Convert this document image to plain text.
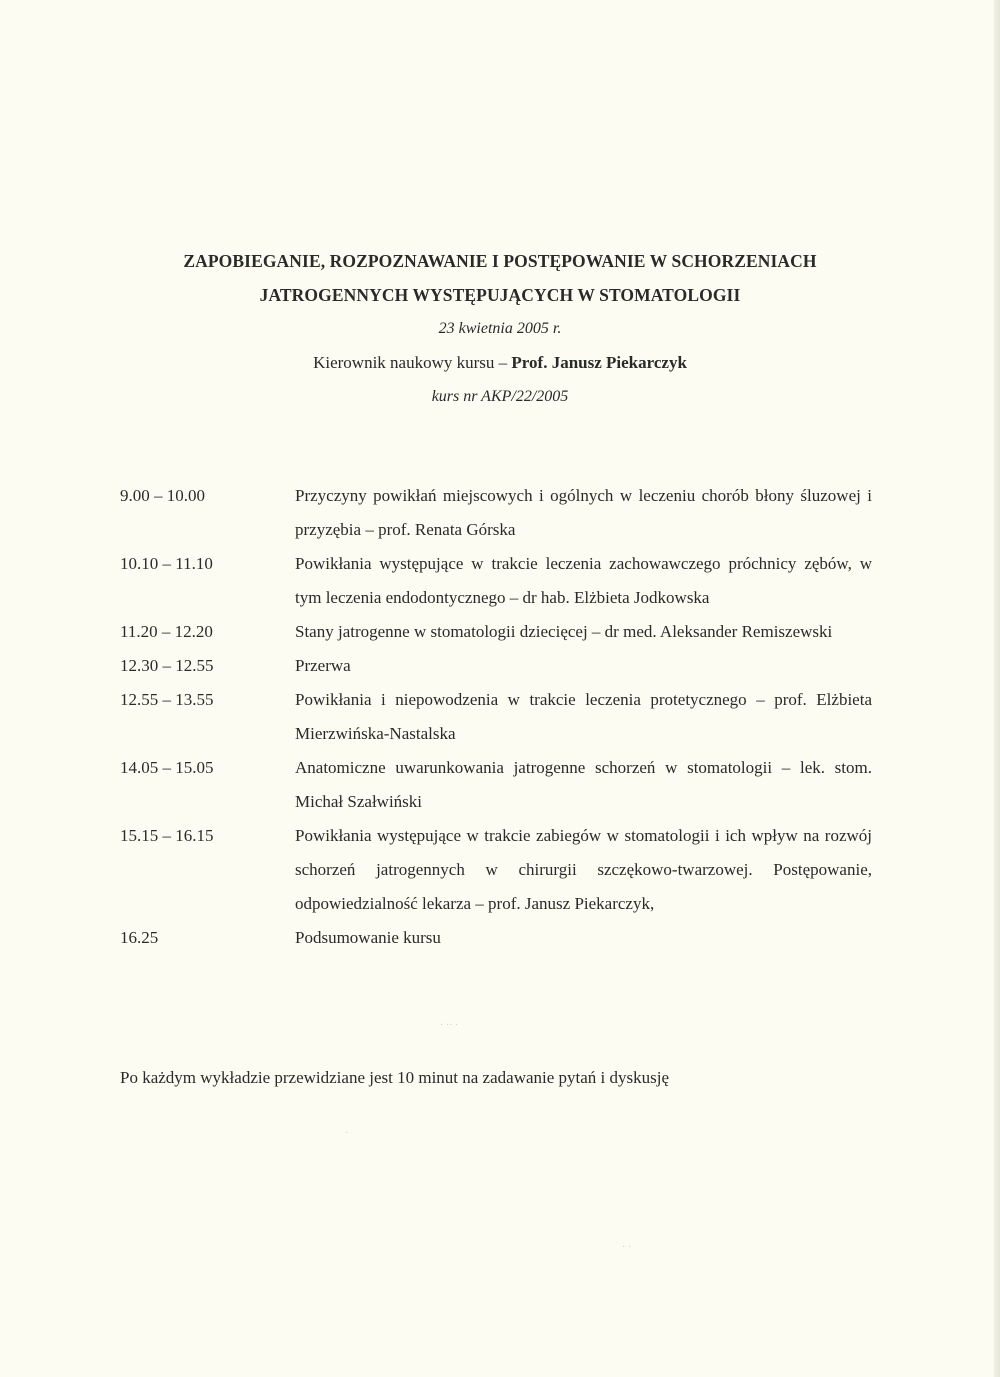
ZAPOBIEGANIE, ROZPOZNAWANIE I POSTĘPOWANIE W SCHORZENIACH
JATROGENNYCH WYSTĘPUJĄCYCH W STOMATOLOGII
23 kwietnia 2005 r.
Kierownik naukowy kursu – Prof. Janusz Piekarczyk
kurs nr AKP/22/2005
9.00 – 10.00	Przyczyny powikłań miejscowych i ogólnych w leczeniu chorób błony śluzowej i przyzębia – prof. Renata Górska
10.10 – 11.10	Powikłania występujące w trakcie leczenia zachowawczego próchnicy zębów, w tym leczenia endodontycznego – dr hab. Elżbieta Jodkowska
11.20 – 12.20	Stany jatrogenne w stomatologii dziecięcej – dr med. Aleksander Remiszewski
12.30 – 12.55	Przerwa
12.55 – 13.55	Powikłania i niepowodzenia w trakcie leczenia protetycznego – prof. Elżbieta Mierzwińska-Nastalska
14.05 – 15.05	Anatomiczne uwarunkowania jatrogenne schorzeń w stomatologii – lek. stom. Michał Szałwiński
15.15 – 16.15	Powikłania występujące w trakcie zabiegów w stomatologii i ich wpływ na rozwój schorzeń jatrogennych w chirurgii szczękowo-twarzowej. Postępowanie, odpowiedzialność lekarza – prof. Janusz Piekarczyk,
16.25	Podsumowanie kursu
Po każdym wykładzie przewidziane jest 10 minut na zadawanie pytań i dyskusję
· ·· ·
·
· ·
